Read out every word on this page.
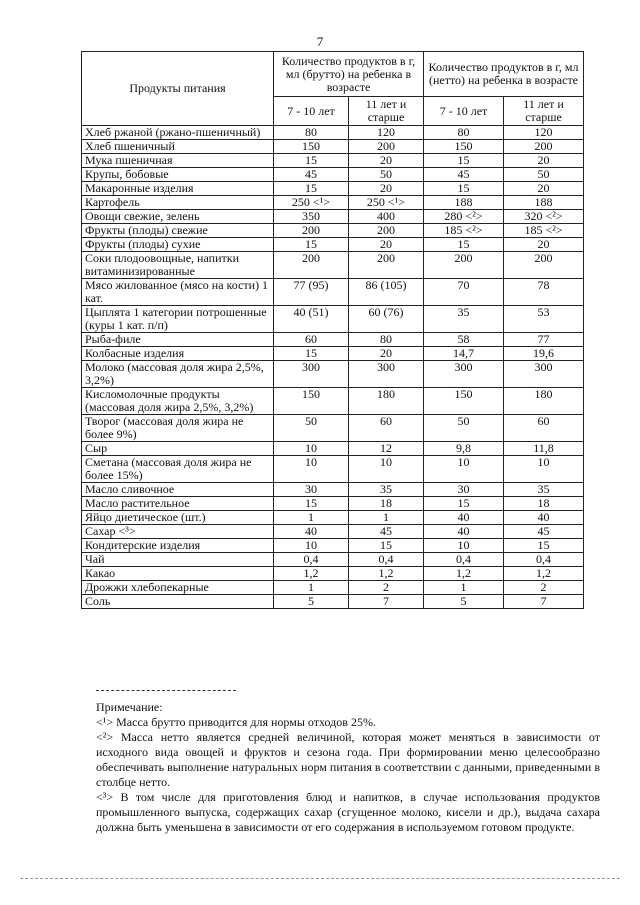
7
Продукты питания	Количество продуктов в г, мл (брутто) на ребенка в возрасте		Количество продуктов в г, мл (нетто) на ребенка в возрасте	
	7 - 10 лет	11 лет и старше	7 - 10 лет	11 лет и старше
Хлеб ржаной (ржано-пшеничный)	80	120	80	120
Хлеб пшеничный	150	200	150	200
Мука пшеничная	15	20	15	20
Крупы, бобовые	45	50	45	50
Макаронные изделия	15	20	15	20
Картофель	250 <¹>	250 <¹>	188	188
Овощи свежие, зелень	350	400	280 <²>	320 <²>
Фрукты (плоды) свежие	200	200	185 <²>	185 <²>
Фрукты (плоды) сухие	15	20	15	20
Соки плодоовощные, напитки витаминизированные	200	200	200	200
Мясо жилованное (мясо на кости) 1 кат.	77 (95)	86 (105)	70	78
Цыплята 1 категории потрошенные (куры 1 кат. п/п)	40 (51)	60 (76)	35	53
Рыба-филе	60	80	58	77
Колбасные изделия	15	20	14,7	19,6
Молоко (массовая доля жира 2,5%, 3,2%)	300	300	300	300
Кисломолочные продукты (массовая доля жира 2,5%, 3,2%)	150	180	150	180
Творог (массовая доля жира не более 9%)	50	60	50	60
Сыр	10	12	9,8	11,8
Сметана (массовая доля жира не более 15%)	10	10	10	10
Масло сливочное	30	35	30	35
Масло растительное	15	18	15	18
Яйцо диетическое (шт.)	1	1	40	40
Сахар <³>	40	45	40	45
Кондитерские изделия	10	15	10	15
Чай	0,4	0,4	0,4	0,4
Какао	1,2	1,2	1,2	1,2
Дрожжи хлебопекарные	1	2	1	2
Соль	5	7	5	7

Примечание:

<¹> Масса брутто приводится для нормы отходов 25%.

<²> Масса нетто является средней величиной, которая может меняться в зависимости от исходного вида овощей и фруктов и сезона года. При формировании меню целесообразно обеспечивать выполнение натуральных норм питания в соответствии с данными, приведенными в столбце нетто.

<³> В том числе для приготовления блюд и напитков, в случае использования продуктов промышленного выпуска, содержащих сахар (сгущенное молоко, кисели и др.), выдача сахара должна быть уменьшена в зависимости от его содержания в используемом готовом продукте.
